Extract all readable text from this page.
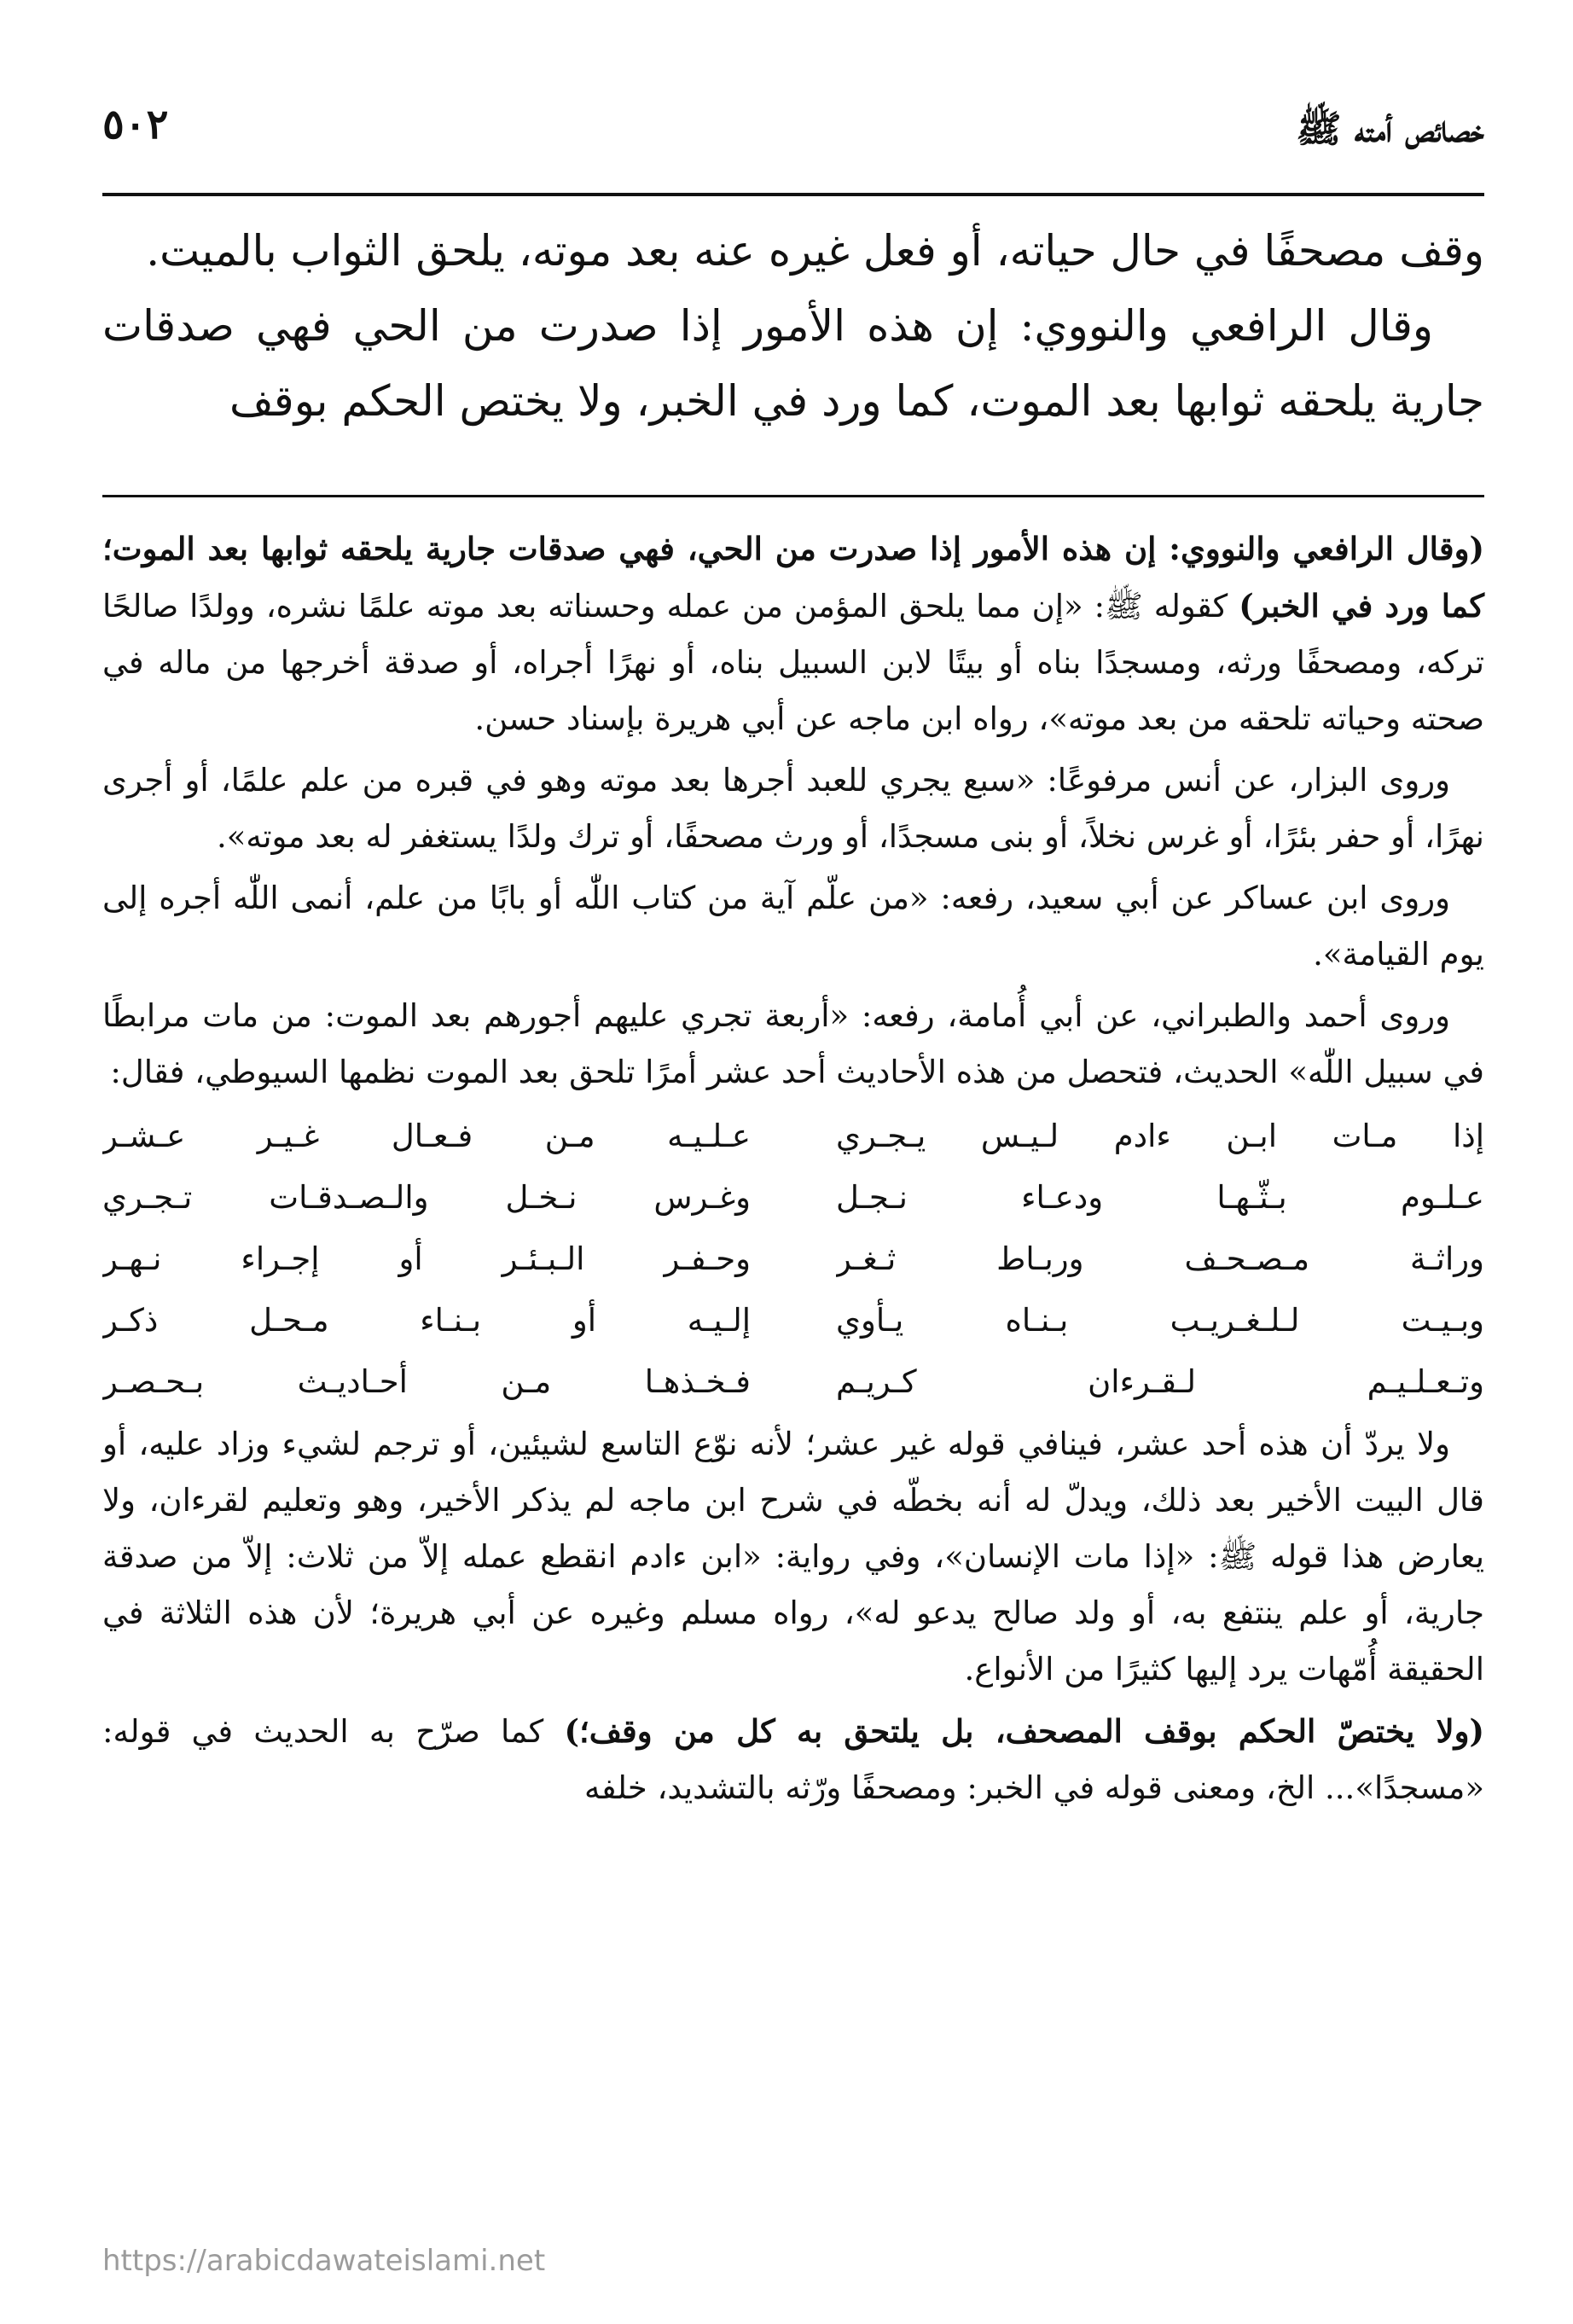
خصائص أمته ﷺ
٥٠٢

وقف مصحفًا في حال حياته، أو فعل غيره عنه بعد موته، يلحق الثواب بالميت.

وقال الرافعي والنووي: إن هذه الأمور إذا صدرت من الحي فهي صدقات جارية يلحقه ثوابها بعد الموت، كما ورد في الخبر، ولا يختص الحكم بوقف

(وقال الرافعي والنووي: إن هذه الأمور إذا صدرت من الحي، فهي صدقات جارية يلحقه ثوابها بعد الموت؛ كما ورد في الخبر) كقوله ﷺ: «إن مما يلحق المؤمن من عمله وحسناته بعد موته علمًا نشره، وولدًا صالحًا تركه، ومصحفًا ورثه، ومسجدًا بناه أو بيتًا لابن السبيل بناه، أو نهرًا أجراه، أو صدقة أخرجها من ماله في صحته وحياته تلحقه من بعد موته»، رواه ابن ماجه عن أبي هريرة بإسناد حسن.

وروى البزار، عن أنس مرفوعًا: «سبع يجري للعبد أجرها بعد موته وهو في قبره من علم علمًا، أو أجرى نهرًا، أو حفر بئرًا، أو غرس نخلاً، أو بنى مسجدًا، أو ورث مصحفًا، أو ترك ولدًا يستغفر له بعد موته».

وروى ابن عساكر عن أبي سعيد، رفعه: «من علّم آية من كتاب اللّٰه أو بابًا من علم، أنمى اللّٰه أجره إلى يوم القيامة».

وروى أحمد والطبراني، عن أبي أُمامة، رفعه: «أربعة تجري عليهم أجورهم بعد الموت: من مات مرابطًا في سبيل اللّٰه» الحديث، فتحصل من هذه الأحاديث أحد عشر أمرًا تلحق بعد الموت نظمها السيوطي، فقال:

إذا مـات ابـن ءادم لـيـس يـجـري
عـلـيـه مـن فـعـال غـيـر عـشـر
عـلـوم بـثّـهـا ودعـاء نـجـل
وغـرس نـخـل والـصـدقـات تـجـري
وراثـة مـصـحـف وربـاط ثـغـر
وحـفـر الـبـئـر أو إجـراء نـهـر
وبـيـت لـلـغـريـب بـنـاه يـأوي
إلـيـه أو بـنـاء مـحـل ذكـر
وتـعـلـيـم لـقـرءان كـريـم
فـخـذهـا مـن أحـاديـث بـحـصـر

ولا يردّ أن هذه أحد عشر، فينافي قوله غير عشر؛ لأنه نوّع التاسع لشيئين، أو ترجم لشيء وزاد عليه، أو قال البيت الأخير بعد ذلك، ويدلّ له أنه بخطّه في شرح ابن ماجه لم يذكر الأخير، وهو وتعليم لقرءان، ولا يعارض هذا قوله ﷺ: «إذا مات الإنسان»، وفي رواية: «ابن ءادم انقطع عمله إلاّ من ثلاث: إلاّ من صدقة جارية، أو علم ينتفع به، أو ولد صالح يدعو له»، رواه مسلم وغيره عن أبي هريرة؛ لأن هذه الثلاثة في الحقيقة أُمّهات يرد إليها كثيرًا من الأنواع.

(ولا يختصّ الحكم بوقف المصحف، بل يلتحق به كل من وقف؛) كما صرّح به الحديث في قوله: «مسجدًا»... الخ، ومعنى قوله في الخبر: ومصحفًا ورّثه بالتشديد، خلفه

https://arabicdawateislami.net
